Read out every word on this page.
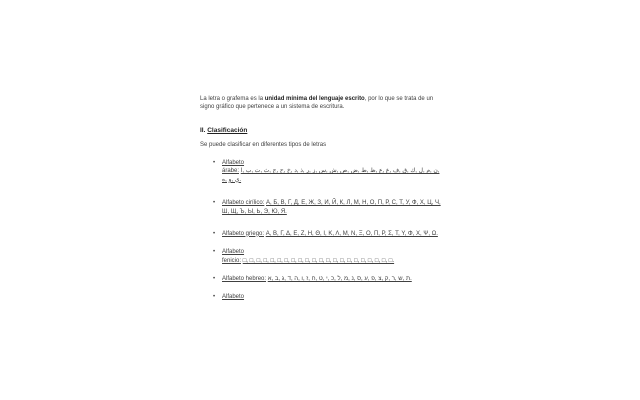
La letra o grafema es la unidad mínima del lenguaje escrito, por lo que se trata de un signo gráfico que pertenece a un sistema de escritura.

II. Clasificación

Se puede clasificar en diferentes tipos de letras

• Alfabeto
árabe: ا, ب, ت, ث, ج, ح, خ, د, ذ, ر, ز, س, ش, ص, ض, ط, ظ, ع, غ, ف, ق, ك, ل, م, ن, ه, و, ي.
• Alfabeto cirílico: А, Б, В, Г, Д, Е, Ж, З, И, Й, К, Л, М, Н, О, П, Р, С, Т, У, Ф, Х, Ц, Ч, Ш, Щ, Ъ, Ы, Ь, Э, Ю, Я.
• Alfabeto griego: Α, Β, Γ, Δ, Ε, Ζ, Η, Θ, Ι, Κ, Λ, Μ, Ν, Ξ, Ο, Π, Ρ, Σ, Τ, Υ, Φ, Χ, Ψ, Ω.
• Alfabeto
fenicio: □, □, □, □, □, □, □, □, □, □, □, □, □, □, □, □, □, □, □, □, □, □.
• Alfabeto hebreo: א, ב, ג, ד, ה, ו, ז, ח, ט, י, כ, ל, מ, נ, ס, ע, פ, צ, ק, ר, ש, ת.
• Alfabeto
